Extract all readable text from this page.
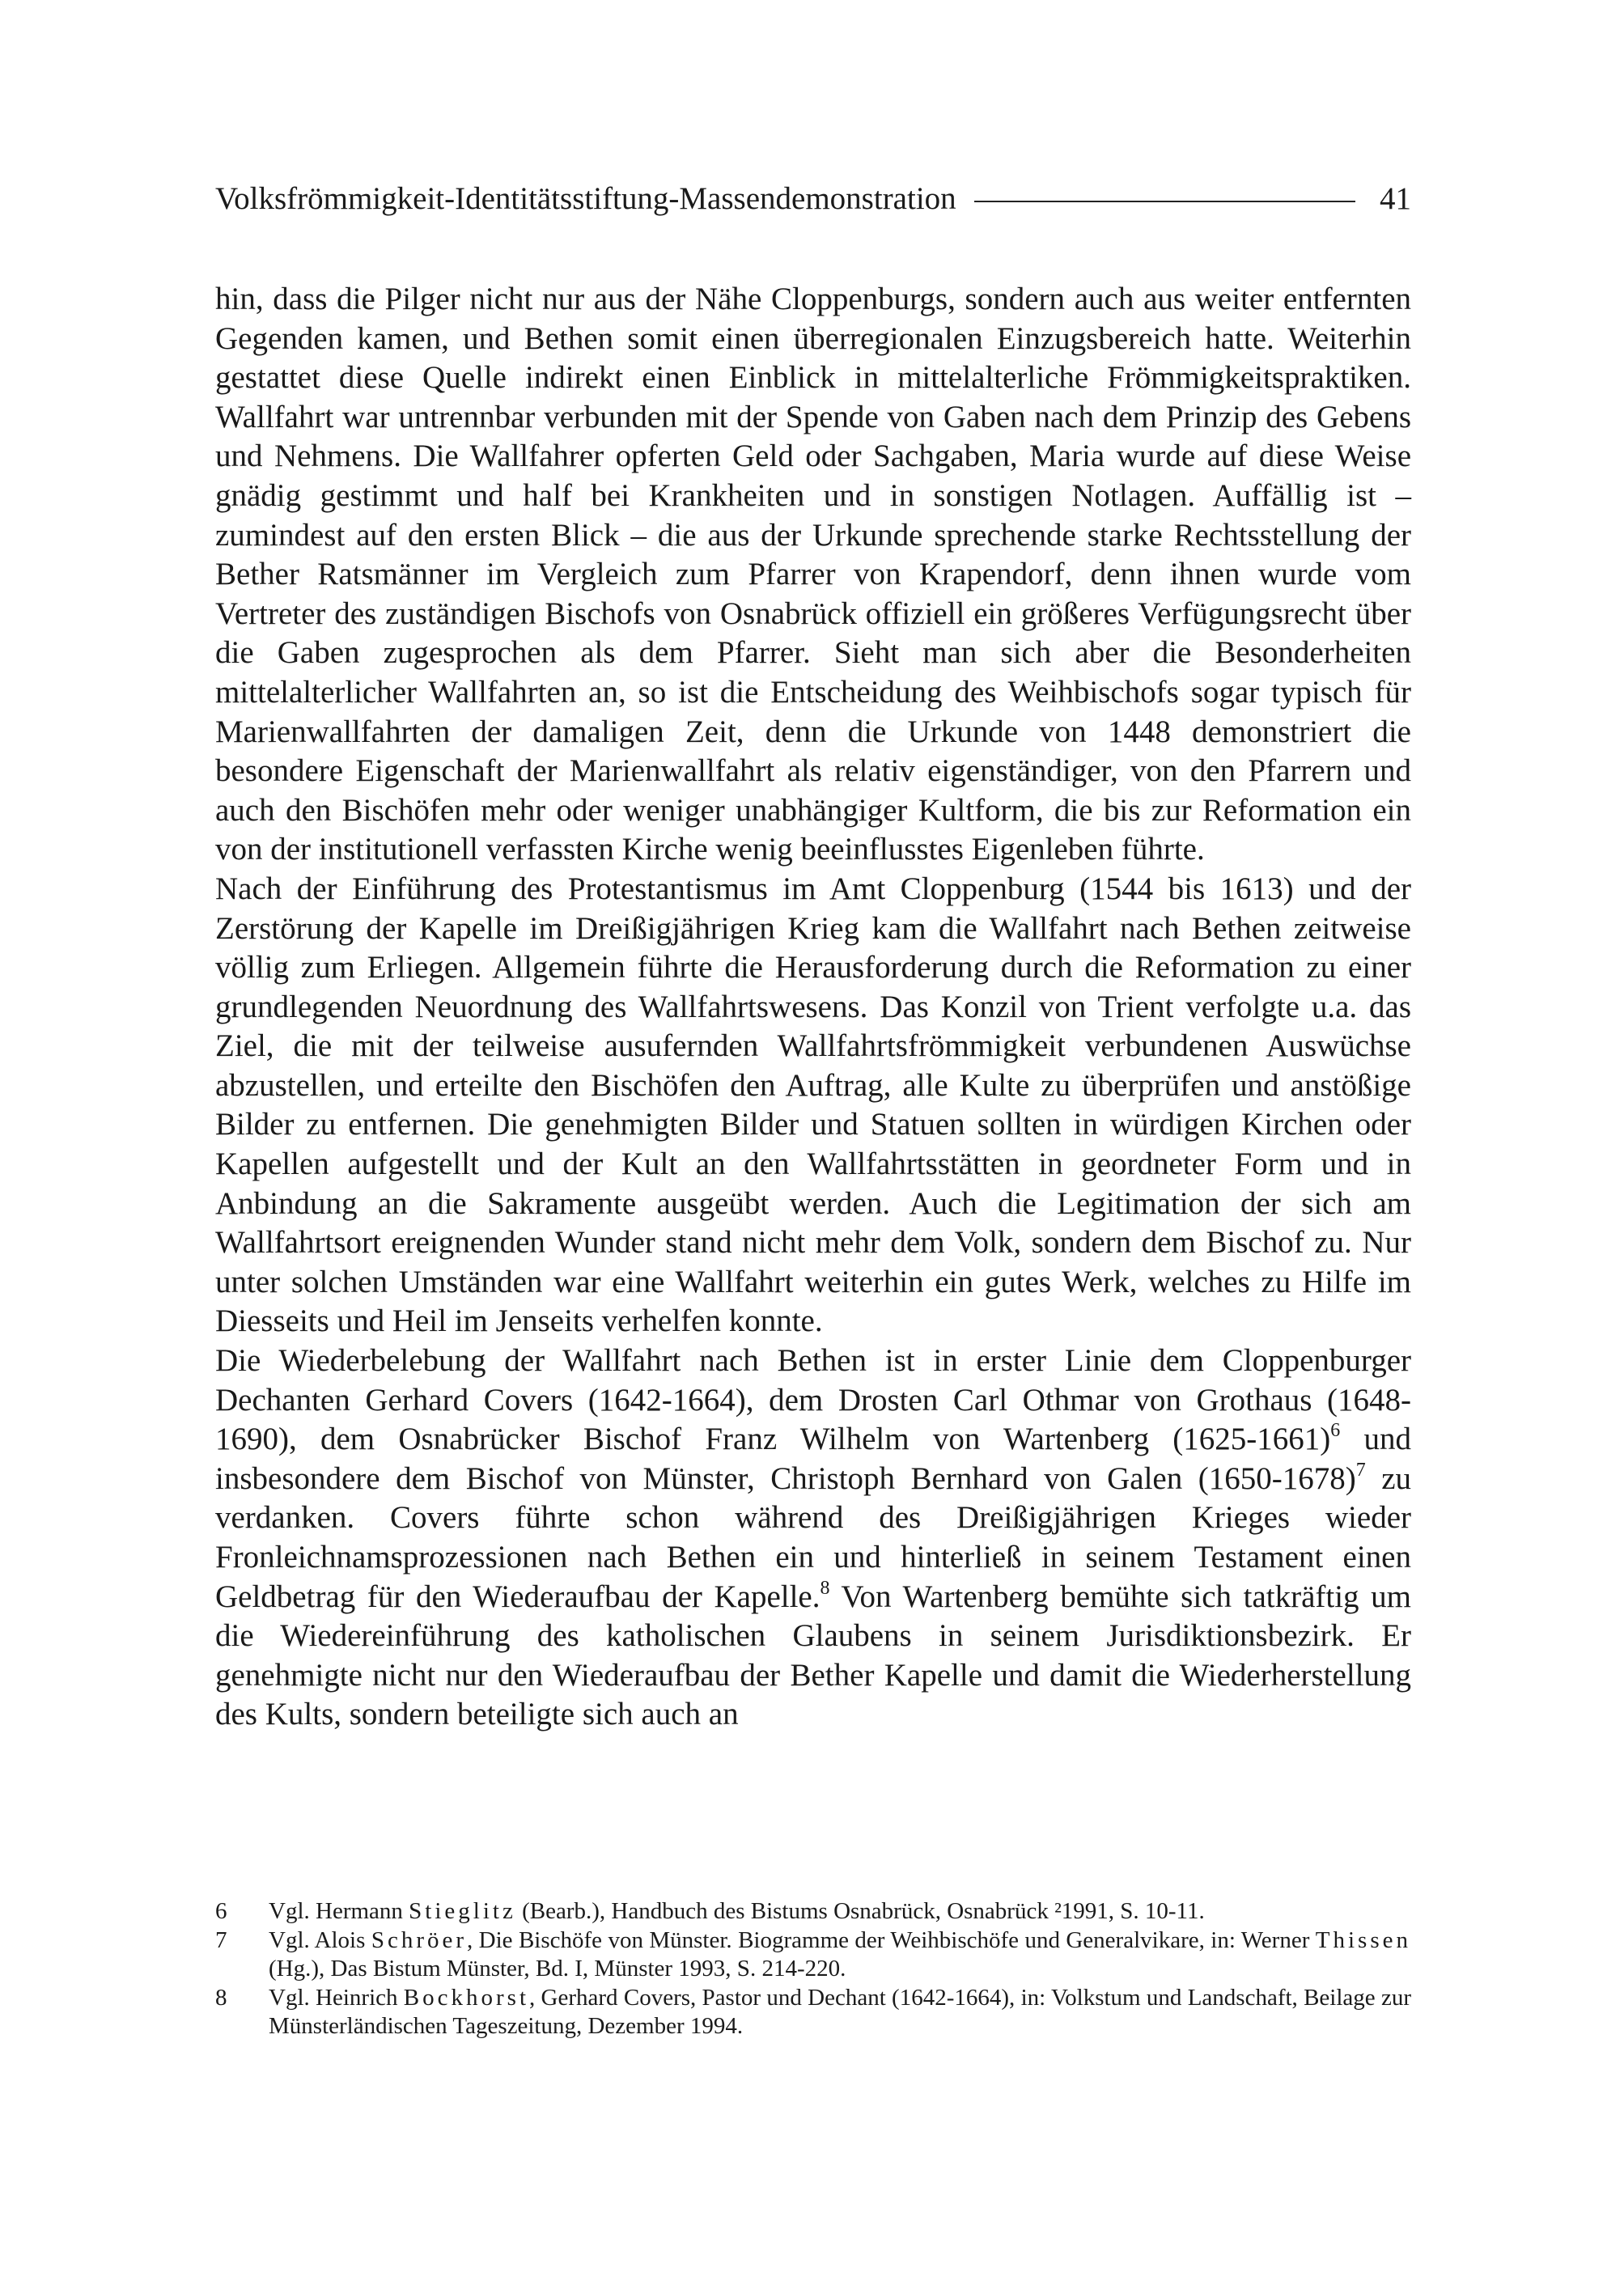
Volksfrömmigkeit-Identitätsstiftung-Massendemonstration	41

hin, dass die Pilger nicht nur aus der Nähe Cloppenburgs, sondern auch aus weiter entfernten Gegenden kamen, und Bethen somit einen überregionalen Einzugsbereich hatte. Weiterhin gestattet diese Quelle indirekt einen Einblick in mittelalterliche Frömmigkeitspraktiken. Wallfahrt war untrennbar verbunden mit der Spende von Gaben nach dem Prinzip des Gebens und Nehmens. Die Wallfahrer opferten Geld oder Sachgaben, Maria wurde auf diese Weise gnädig gestimmt und half bei Krankheiten und in sonstigen Notlagen. Auffällig ist – zumindest auf den ersten Blick – die aus der Urkunde sprechende starke Rechtsstellung der Bether Ratsmänner im Vergleich zum Pfarrer von Krapendorf, denn ihnen wurde vom Vertreter des zuständigen Bischofs von Osnabrück offiziell ein größeres Verfügungsrecht über die Gaben zugesprochen als dem Pfarrer. Sieht man sich aber die Besonderheiten mittelalterlicher Wallfahrten an, so ist die Entscheidung des Weihbischofs sogar typisch für Marienwallfahrten der damaligen Zeit, denn die Urkunde von 1448 demonstriert die besondere Eigenschaft der Marienwallfahrt als relativ eigenständiger, von den Pfarrern und auch den Bischöfen mehr oder weniger unabhängiger Kultform, die bis zur Reformation ein von der institutionell verfassten Kirche wenig beeinflusstes Eigenleben führte.

Nach der Einführung des Protestantismus im Amt Cloppenburg (1544 bis 1613) und der Zerstörung der Kapelle im Dreißigjährigen Krieg kam die Wallfahrt nach Bethen zeitweise völlig zum Erliegen. Allgemein führte die Herausforderung durch die Reformation zu einer grundlegenden Neuordnung des Wallfahrtswesens. Das Konzil von Trient verfolgte u.a. das Ziel, die mit der teilweise ausufernden Wallfahrtsfrömmigkeit verbundenen Auswüchse abzustellen, und erteilte den Bischöfen den Auftrag, alle Kulte zu überprüfen und anstößige Bilder zu entfernen. Die genehmigten Bilder und Statuen sollten in würdigen Kirchen oder Kapellen aufgestellt und der Kult an den Wallfahrtsstätten in geordneter Form und in Anbindung an die Sakramente ausgeübt werden. Auch die Legitimation der sich am Wallfahrtsort ereignenden Wunder stand nicht mehr dem Volk, sondern dem Bischof zu. Nur unter solchen Umständen war eine Wallfahrt weiterhin ein gutes Werk, welches zu Hilfe im Diesseits und Heil im Jenseits verhelfen konnte.

Die Wiederbelebung der Wallfahrt nach Bethen ist in erster Linie dem Cloppenburger Dechanten Gerhard Covers (1642-1664), dem Drosten Carl Othmar von Grothaus (1648-1690), dem Osnabrücker Bischof Franz Wilhelm von Wartenberg (1625-1661)$^6$ und insbesondere dem Bischof von Münster, Christoph Bernhard von Galen (1650-1678)$^7$ zu verdanken. Covers führte schon während des Dreißigjährigen Krieges wieder Fronleichnamsprozessionen nach Bethen ein und hinterließ in seinem Testament einen Geldbetrag für den Wiederaufbau der Kapelle.$^8$ Von Wartenberg bemühte sich tatkräftig um die Wiedereinführung des katholischen Glaubens in seinem Jurisdiktionsbezirk. Er genehmigte nicht nur den Wiederaufbau der Bether Kapelle und damit die Wiederherstellung des Kults, sondern beteiligte sich auch an

6	Vgl. Hermann Stieglitz (Bearb.), Handbuch des Bistums Osnabrück, Osnabrück ²1991, S. 10-11.
7	Vgl. Alois Schröer, Die Bischöfe von Münster. Biogramme der Weihbischöfe und Generalvikare, in: Werner Thissen (Hg.), Das Bistum Münster, Bd. I, Münster 1993, S. 214-220.
8	Vgl. Heinrich Bockhorst, Gerhard Covers, Pastor und Dechant (1642-1664), in: Volkstum und Landschaft, Beilage zur Münsterländischen Tageszeitung, Dezember 1994.
